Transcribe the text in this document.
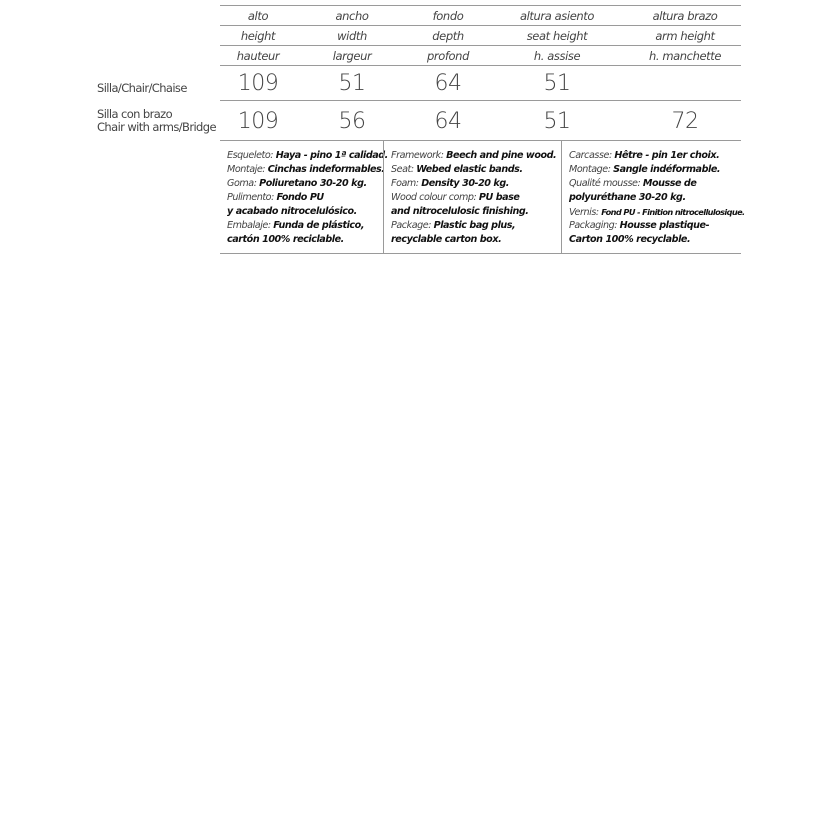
alto	ancho	fondo	altura asiento	altura brazo
height	width	depth	seat height	arm height
hauteur	largeur	profond	h. assise	h. manchette
Silla/Chair/Chaise	109	51	64	51
Silla con brazo
Chair with arms/Bridge 109	56	64	51	72
Esqueleto: Haya - pino 1ª calidad.
Montaje: Cinchas indeformables.
Goma: Poliuretano 30-20 kg.
Pulimento: Fondo PU
y acabado nitrocelulósico.
Embalaje: Funda de plástico,
cartón 100% reciclable.
Framework: Beech and pine wood.
Seat: Webed elastic bands.
Foam: Density 30-20 kg.
Wood colour comp: PU base
and nitrocelulosic finishing.
Package: Plastic bag plus,
recyclable carton box.
Carcasse: Hêtre - pin 1er choix.
Montage: Sangle indéformable.
Qualité mousse: Mousse de
polyuréthane 30-20 kg.
Vernis: Fond PU - Finition nitrocellulosique.
Packaging: Housse plastique-
Carton 100% recyclable.
